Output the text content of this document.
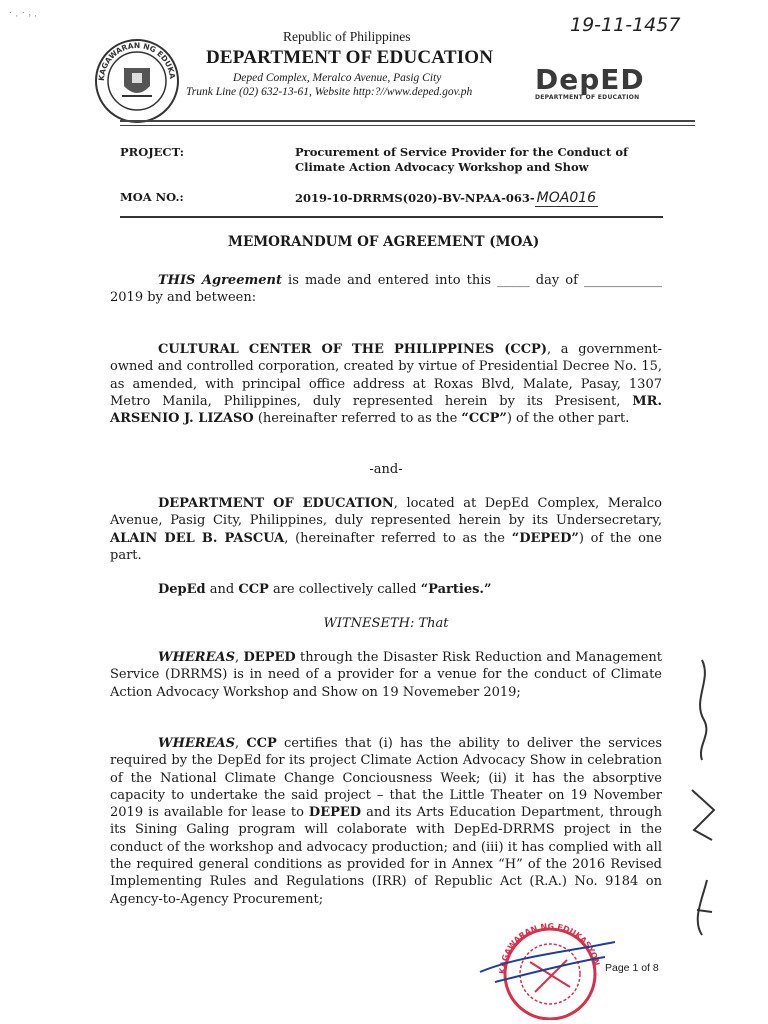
˙ · ˙ ˒ ·	19-11-1457
KAGAWARAN NG EDUKA
Republic of Philippines
DEPARTMENT OF EDUCATION
Deped Complex, Meralco Avenue, Pasig City
Trunk Line (02) 632-13-61, Website http:?//www.deped.gov.ph DepED
DEPARTMENT OF EDUCATION
PROJECT:	Procurement of Service Provider for the Conduct of Climate Action Advocacy Workshop and Show
MOA NO.:	2019-10-DRRMS(020)-BV-NPAA-063- MOA016
MEMORANDUM OF AGREEMENT (MOA)
THIS Agreement is made and entered into this _____ day of ____________ 2019 by and between:
CULTURAL CENTER OF THE PHILIPPINES (CCP), a government-owned and controlled corporation, created by virtue of Presidential Decree No. 15, as amended, with principal office address at Roxas Blvd, Malate, Pasay, 1307 Metro Manila, Philippines, duly represented herein by its Presisent, MR. ARSENIO J. LIZASO (hereinafter referred to as the “CCP”) of the other part.
-and-
DEPARTMENT OF EDUCATION, located at DepEd Complex, Meralco Avenue, Pasig City, Philippines, duly represented herein by its Undersecretary, ALAIN DEL B. PASCUA, (hereinafter referred to as the “DEPED”) of the one part.
DepEd and CCP are collectively called “Parties.”
WITNESETH: That
WHEREAS, DEPED through the Disaster Risk Reduction and Management Service (DRRMS) is in need of a provider for a venue for the conduct of Climate Action Advocacy Workshop and Show on 19 Novemeber 2019;
WHEREAS, CCP certifies that (i) has the ability to deliver the services required by the DepEd for its project Climate Action Advocacy Show in celebration of the National Climate Change Conciousness Week; (ii) it has the absorptive capacity to undertake the said project – that the Little Theater on 19 November 2019 is available for lease to DEPED and its Arts Education Department, through its Sining Galing program will colaborate with DepEd-DRRMS project in the conduct of the workshop and advocacy production; and (iii) it has complied with all the required general conditions as provided for in Annex “H” of the 2016 Revised Implementing Rules and Regulations (IRR) of Republic Act (R.A.) No. 9184 on Agency-to-Agency Procurement;
KAGAWARAN NG EDUKASYON Page 1 of 8
